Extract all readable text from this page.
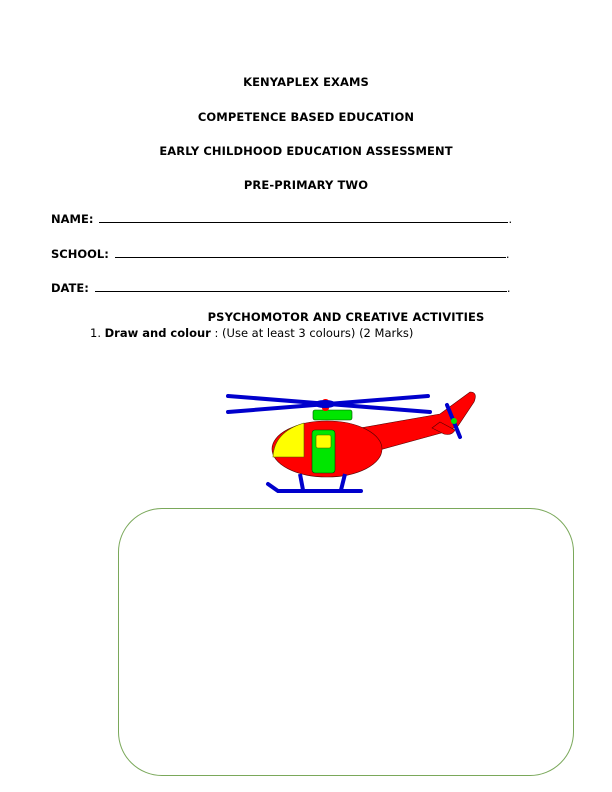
KENYAPLEX EXAMS
COMPETENCE BASED EDUCATION
EARLY CHILDHOOD EDUCATION ASSESSMENT
PRE-PRIMARY TWO
NAME:	.
SCHOOL:	.
DATE:	.
PSYCHOMOTOR AND CREATIVE ACTIVITIES
1. Draw and colour : (Use at least 3 colours) (2 Marks)
